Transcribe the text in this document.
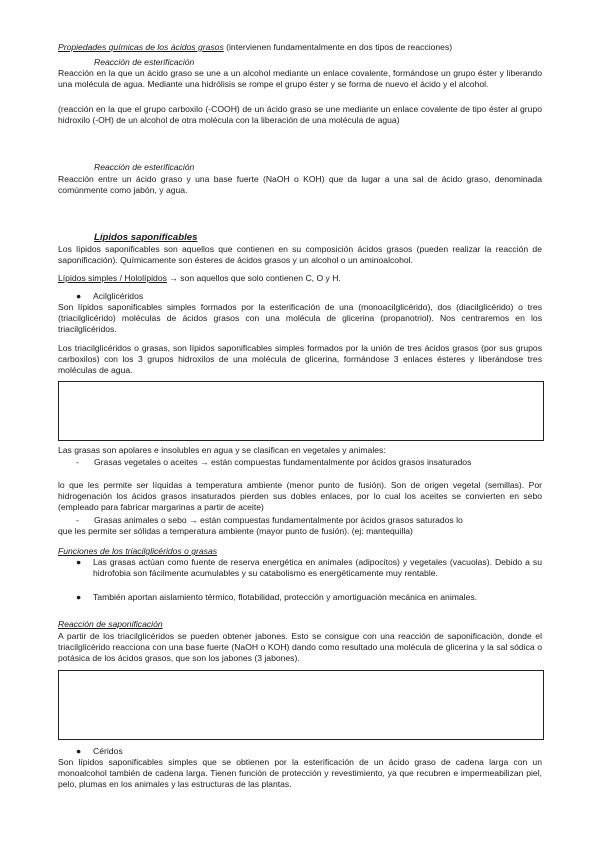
Propiedades químicas de los ácidos grasos (intervienen fundamentalmente en dos tipos de reacciones)

Reacción de esterificación

Reacción en la que un ácido graso se une a un alcohol mediante un enlace covalente, formándose un grupo éster y liberando una molécula de agua. Mediante una hidrólisis se rompe el grupo éster y se forma de nuevo el ácido y el alcohol.

(reacción en la que el grupo carboxilo (-COOH) de un ácido graso se une mediante un enlace covalente de tipo éster al grupo hidroxilo (-OH) de un alcohol de otra molécula con la liberación de una molécula de agua)

Reacción de esterificación

Reacción entre un ácido graso y una base fuerte (NaOH o KOH) que da lugar a una sal de ácido graso, denominada comúnmente como jabón, y agua.

Lípidos saponificables

Los lípidos saponificables son aquellos que contienen en su composición ácidos grasos (pueden realizar la reacción de saponificación). Químicamente son ésteres de ácidos grasos y un alcohol o un aminoalcohol.

Lípidos simples / Hololípidos → son aquellos que solo contienen C, O y H.

●	Acilglicéridos

Son lípidos saponificables simples formados por la esterificación de una (monoacilglicérido), dos (diacilglicérido) o tres (triacilglicérido) moléculas de ácidos grasos con una molécula de glicerina (propanotriol). Nos centraremos en los triacilglicéridos.

Los triacilglicéridos o grasas, son lípidos saponificables simples formados por la unión de tres ácidos grasos (por sus grupos carboxilos) con los 3 grupos hidroxilos de una molécula de glicerina, formándose 3 enlaces ésteres y liberándose tres moléculas de agua.

Las grasas son apolares e insolubles en agua y se clasifican en vegetales y animales:

- Grasas vegetales o aceites → están compuestas fundamentalmente por ácidos grasos insaturados

lo que les permite ser líquidas a temperatura ambiente (menor punto de fusión). Son de origen vegetal (semillas). Por hidrogenación los ácidos grasos insaturados pierden sus dobles enlaces, por lo cual los aceites se convierten en sebo (empleado para fabricar margarinas a partir de aceite)

- Grasas animales o sebo → están compuestas fundamentalmente por ácidos grasos saturados lo

que les permite ser sólidas a temperatura ambiente (mayor punto de fusión). (ej: mantequilla)

Funciones de los triacilglicéridos o grasas

●	Las grasas actúan como fuente de reserva energética en animales (adipocitos) y vegetales (vacuolas). Debido a su hidrofobia son fácilmente acumulables y su catabolismo es energéticamente muy rentable.
●	También aportan aislamiento térmico, flotabilidad, protección y amortiguación mecánica en animales.

Reacción de saponificación

A partir de los triacilglicéridos se pueden obtener jabones. Esto se consigue con una reacción de saponificación, donde el triacilglicérido reacciona con una base fuerte (NaOH o KOH) dando como resultado una molécula de glicerina y la sal sódica o potásica de los ácidos grasos, que son los jabones (3 jabones).

●	Céridos

Son lípidos saponificables simples que se obtienen por la esterificación de un ácido graso de cadena larga con un monoalcohol también de cadena larga. Tienen función de protección y revestimiento, ya que recubren e impermeabilizan piel, pelo, plumas en los animales y las estructuras de las plantas.
